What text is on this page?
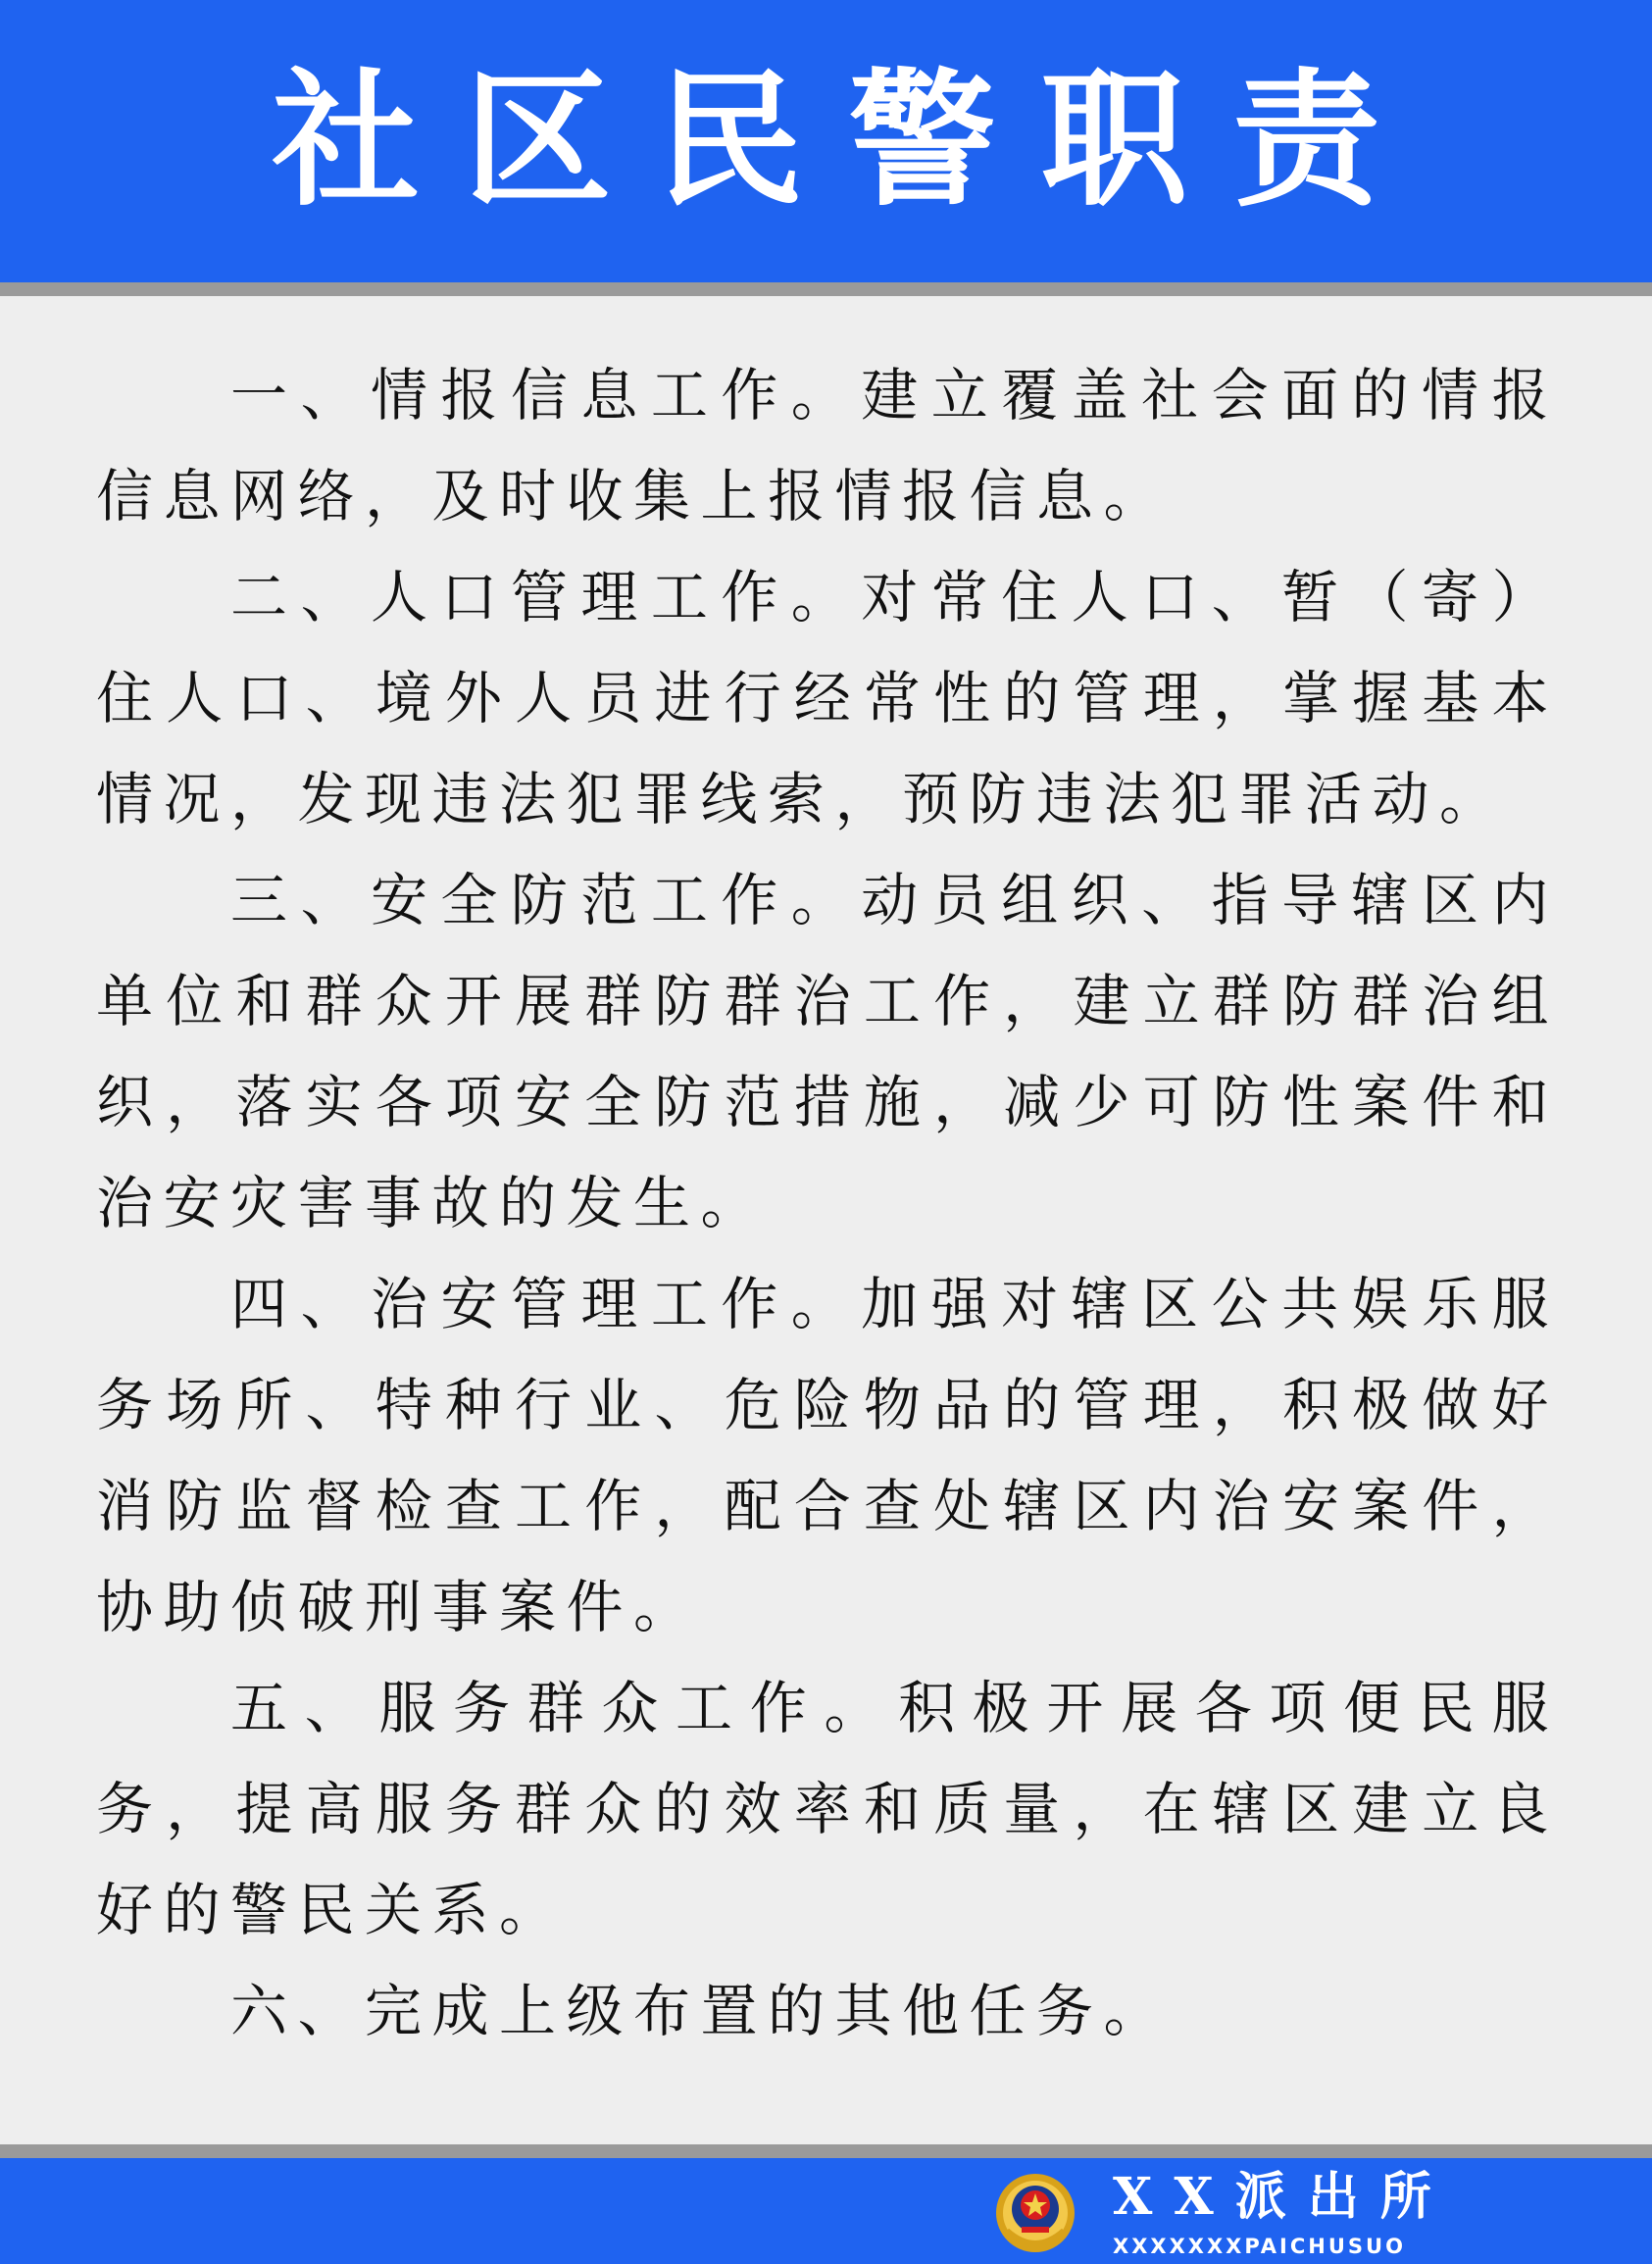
社区民警职责

一、情报信息工作。建立覆盖社会面的情报信息网络，及时收集上报情报信息。

二、人口管理工作。对常住人口、暂（寄）住人口、境外人员进行经常性的管理，掌握基本情况，发现违法犯罪线索，预防违法犯罪活动。

三、安全防范工作。动员组织、指导辖区内单位和群众开展群防群治工作，建立群防群治组织，落实各项安全防范措施，减少可防性案件和治安灾害事故的发生。

四、治安管理工作。加强对辖区公共娱乐服务场所、特种行业、危险物品的管理，积极做好消防监督检查工作，配合查处辖区内治安案件，协助侦破刑事案件。

五、服务群众工作。积极开展各项便民服务，提高服务群众的效率和质量，在辖区建立良好的警民关系。

六、完成上级布置的其他任务。

XX派出所
XXXXXXXPAICHUSUO
